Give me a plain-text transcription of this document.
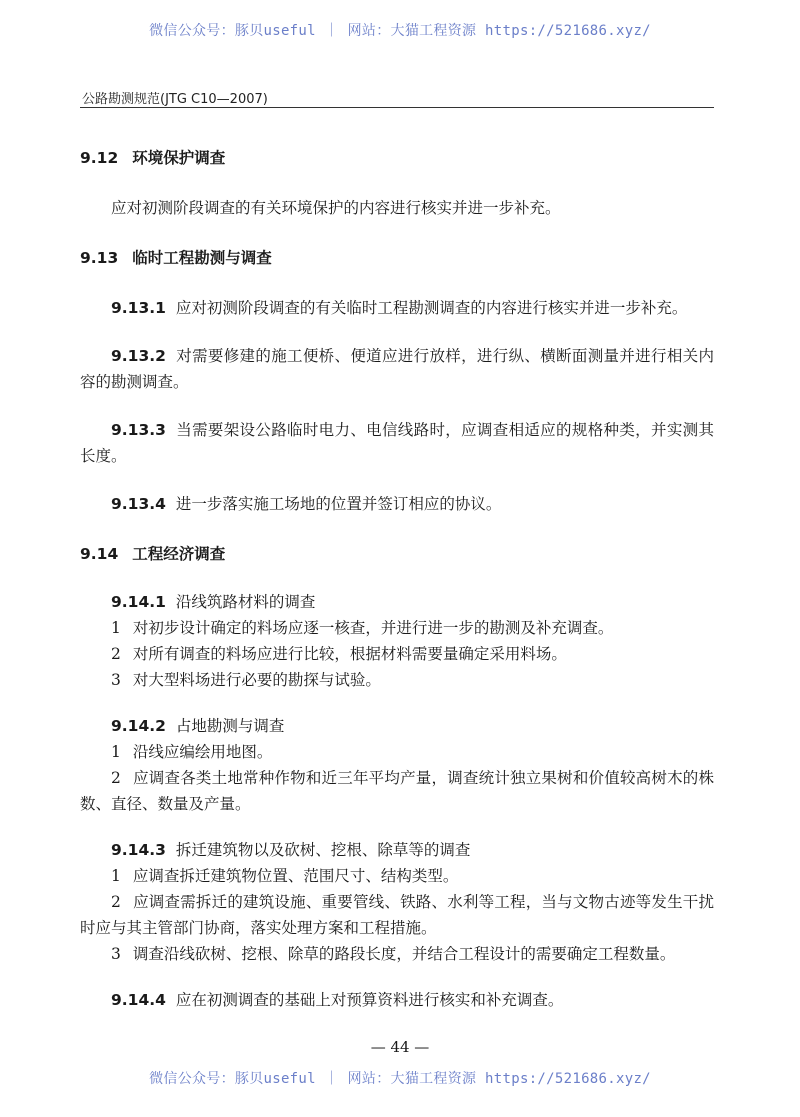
微信公众号：豚贝useful ｜ 网站：大猫工程资源 https://521686.xyz/
公路勘测规范(JTG C10—2007)
9.12 环境保护调查

应对初测阶段调查的有关环境保护的内容进行核实并进一步补充。

9.13 临时工程勘测与调查

9.13.1 应对初测阶段调查的有关临时工程勘测调查的内容进行核实并进一步补充。

9.13.2 对需要修建的施工便桥、便道应进行放样，进行纵、横断面测量并进行相关内容的勘测调查。

9.13.3 当需要架设公路临时电力、电信线路时，应调查相适应的规格种类，并实测其长度。

9.13.4 进一步落实施工场地的位置并签订相应的协议。

9.14 工程经济调查

9.14.1 沿线筑路材料的调查

1 对初步设计确定的料场应逐一核查，并进行进一步的勘测及补充调查。

2 对所有调查的料场应进行比较，根据材料需要量确定采用料场。

3 对大型料场进行必要的勘探与试验。

9.14.2 占地勘测与调查

1 沿线应编绘用地图。

2 应调查各类土地常种作物和近三年平均产量，调查统计独立果树和价值较高树木的株数、直径、数量及产量。

9.14.3 拆迁建筑物以及砍树、挖根、除草等的调查

1 应调查拆迁建筑物位置、范围尺寸、结构类型。

2 应调查需拆迁的建筑设施、重要管线、铁路、水利等工程，当与文物古迹等发生干扰时应与其主管部门协商，落实处理方案和工程措施。

3 调查沿线砍树、挖根、除草的路段长度，并结合工程设计的需要确定工程数量。

9.14.4 应在初测调查的基础上对预算资料进行核实和补充调查。

— 44 —
微信公众号：豚贝useful ｜ 网站：大猫工程资源 https://521686.xyz/
